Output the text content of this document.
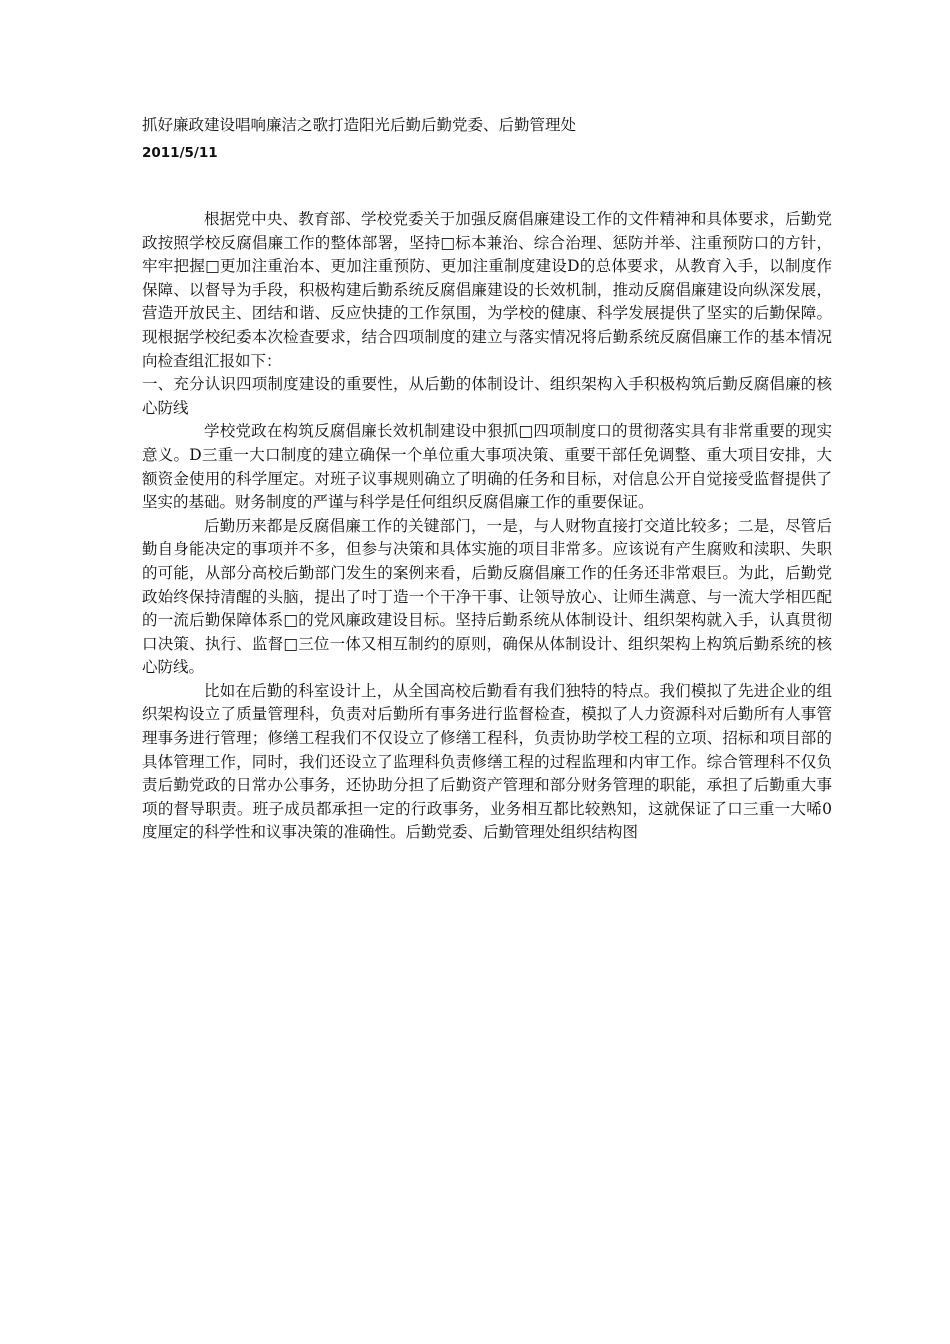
抓好廉政建设唱响廉洁之歌打造阳光后勤后勤党委、后勤管理处
2011/5/11

根据党中央、教育部、学校党委关于加强反腐倡廉建设工作的文件精神和具体要求，后勤党政按照学校反腐倡廉工作的整体部署，坚持□标本兼治、综合治理、惩防并举、注重预防口的方针，牢牢把握□更加注重治本、更加注重预防、更加注重制度建设D的总体要求，从教育入手，以制度作保障、以督导为手段，积极构建后勤系统反腐倡廉建设的长效机制，推动反腐倡廉建设向纵深发展，营造开放民主、团结和谐、反应快捷的工作氛围，为学校的健康、科学发展提供了坚实的后勤保障。现根据学校纪委本次检查要求，结合四项制度的建立与落实情况将后勤系统反腐倡廉工作的基本情况向检查组汇报如下：

一、充分认识四项制度建设的重要性，从后勤的体制设计、组织架构入手积极构筑后勤反腐倡廉的核心防线

学校党政在构筑反腐倡廉长效机制建设中狠抓□四项制度口的贯彻落实具有非常重要的现实意义。D三重一大口制度的建立确保一个单位重大事项决策、重要干部任免调整、重大项目安排，大额资金使用的科学厘定。对班子议事规则确立了明确的任务和目标，对信息公开自觉接受监督提供了坚实的基础。财务制度的严谨与科学是任何组织反腐倡廉工作的重要保证。

后勤历来都是反腐倡廉工作的关键部门，一是，与人财物直接打交道比较多；二是，尽管后勤自身能决定的事项并不多，但参与决策和具体实施的项目非常多。应该说有产生腐败和渎职、失职的可能，从部分高校后勤部门发生的案例来看，后勤反腐倡廉工作的任务还非常艰巨。为此，后勤党政始终保持清醒的头脑，提出了吋丁造一个干净干事、让领导放心、让师生满意、与一流大学相匹配的一流后勤保障体系□的党风廉政建设目标。坚持后勤系统从体制设计、组织架构就入手，认真贯彻口决策、执行、监督□三位一体又相互制约的原则，确保从体制设计、组织架构上构筑后勤系统的核心防线。

比如在后勤的科室设计上，从全国高校后勤看有我们独特的特点。我们模拟了先进企业的组织架构设立了质量管理科，负责对后勤所有事务进行监督检查，模拟了人力资源科对后勤所有人事管理事务进行管理；修缮工程我们不仅设立了修缮工程科，负责协助学校工程的立项、招标和项目部的具体管理工作，同时，我们还设立了监理科负责修缮工程的过程监理和内审工作。综合管理科不仅负责后勤党政的日常办公事务，还协助分担了后勤资产管理和部分财务管理的职能，承担了后勤重大事项的督导职责。班子成员都承担一定的行政事务，业务相互都比较熟知，这就保证了口三重一大唏0度厘定的科学性和议事决策的准确性。后勤党委、后勤管理处组织结构图
